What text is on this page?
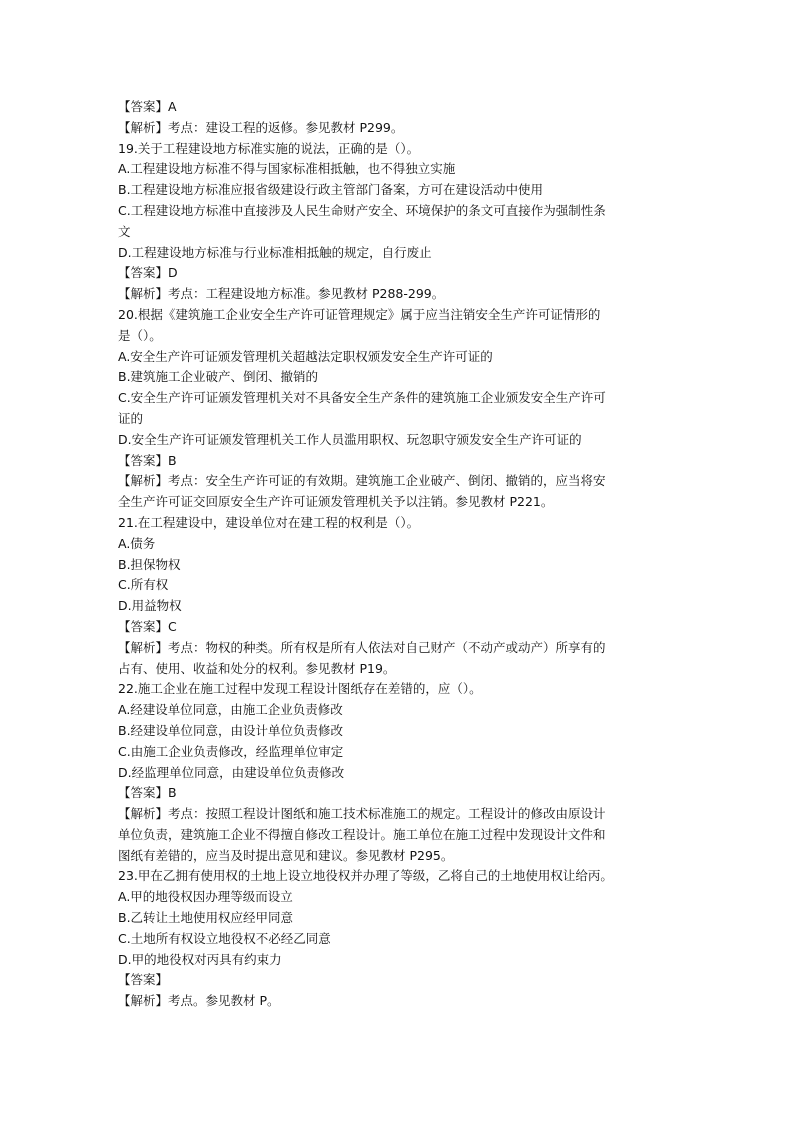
【答案】A
【解析】考点：建设工程的返修。参见教材 P299。
19.关于工程建设地方标准实施的说法，正确的是（）。
A.工程建设地方标准不得与国家标准相抵触，也不得独立实施
B.工程建设地方标准应报省级建设行政主管部门备案，方可在建设活动中使用
C.工程建设地方标准中直接涉及人民生命财产安全、环境保护的条文可直接作为强制性条
文
D.工程建设地方标准与行业标准相抵触的规定，自行废止
【答案】D
【解析】考点：工程建设地方标准。参见教材 P288-299。
20.根据《建筑施工企业安全生产许可证管理规定》属于应当注销安全生产许可证情形的
是（）。
A.安全生产许可证颁发管理机关超越法定职权颁发安全生产许可证的
B.建筑施工企业破产、倒闭、撤销的
C.安全生产许可证颁发管理机关对不具备安全生产条件的建筑施工企业颁发安全生产许可
证的
D.安全生产许可证颁发管理机关工作人员滥用职权、玩忽职守颁发安全生产许可证的
【答案】B
【解析】考点：安全生产许可证的有效期。建筑施工企业破产、倒闭、撤销的，应当将安
全生产许可证交回原安全生产许可证颁发管理机关予以注销。参见教材 P221。
21.在工程建设中，建设单位对在建工程的权利是（）。
A.债务
B.担保物权
C.所有权
D.用益物权
【答案】C
【解析】考点：物权的种类。所有权是所有人依法对自己财产（不动产或动产）所享有的
占有、使用、收益和处分的权利。参见教材 P19。
22.施工企业在施工过程中发现工程设计图纸存在差错的，应（）。
A.经建设单位同意，由施工企业负责修改
B.经建设单位同意，由设计单位负责修改
C.由施工企业负责修改，经监理单位审定
D.经监理单位同意，由建设单位负责修改
【答案】B
【解析】考点：按照工程设计图纸和施工技术标准施工的规定。工程设计的修改由原设计
单位负责，建筑施工企业不得擅自修改工程设计。施工单位在施工过程中发现设计文件和
图纸有差错的，应当及时提出意见和建议。参见教材 P295。
23.甲在乙拥有使用权的土地上设立地役权并办理了等级，乙将自己的土地使用权让给丙。
A.甲的地役权因办理等级而设立
B.乙转让土地使用权应经甲同意
C.土地所有权设立地役权不必经乙同意
D.甲的地役权对丙具有约束力
【答案】
【解析】考点。参见教材 P。
